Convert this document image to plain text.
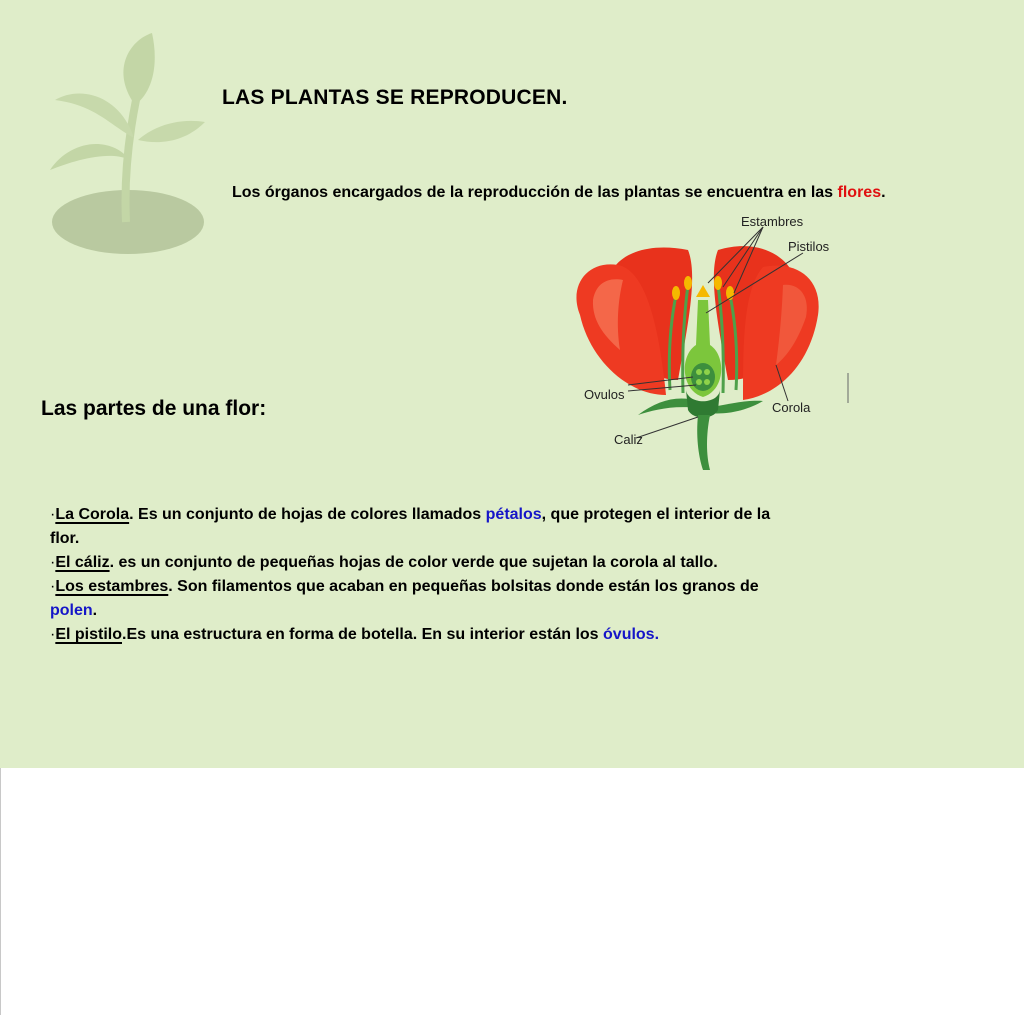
LAS PLANTAS SE REPRODUCEN.
Los órganos encargados de la reproducción de las plantas se encuentra en las flores.
Estambres
Pistilos
Ovulos
Corola
Caliz
Las partes de una flor:
·La Corola. Es un conjunto de hojas de colores llamados pétalos, que protegen el interior de la
flor.
·El cáliz. es un conjunto de pequeñas hojas de color verde que sujetan la corola al tallo.
·Los estambres. Son filamentos que acaban en pequeñas bolsitas donde están los granos de
polen.
·El pistilo.Es una estructura en forma de botella. En su interior están los óvulos.
